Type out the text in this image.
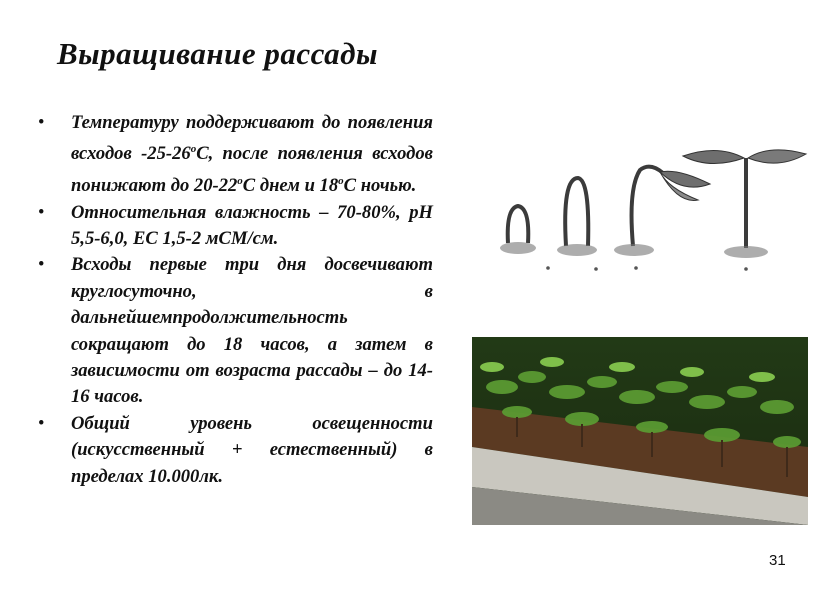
Выращивание рассады
• Температуру поддерживают до появления всходов $-25-26^оС$, после появления всходов понижают до $20-22^оС$ днем и $18^оС$ ночью.
• Относительная влажность – 70-80%, рН 5,5-6,0, ЕС 1,5-2 мСМ/см.
• Всходы первые три дня досвечивают круглосуточно, в дальнейшемпродолжительность сокращают до 18 часов, а затем в зависимости от возраста рассады – до 14-16 часов.
• Общий уровень освещенности (искусственный + естественный) в пределах 10.000лк.
31
